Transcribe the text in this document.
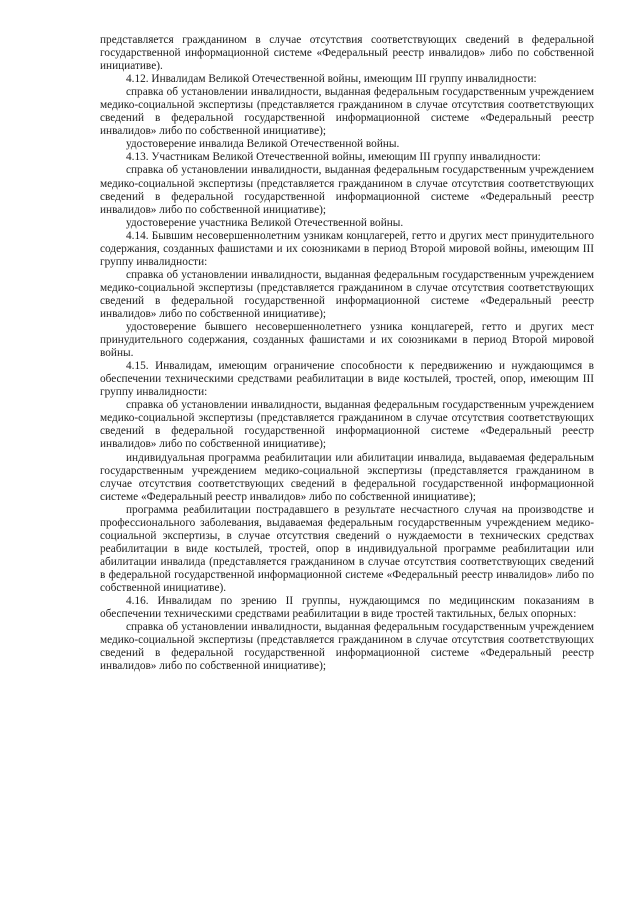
представляется гражданином в случае отсутствия соответствующих сведений в федеральной государственной информационной системе «Федеральный реестр инвалидов» либо по собственной инициативе).

4.12. Инвалидам Великой Отечественной войны, имеющим III группу инвалидности:

справка об установлении инвалидности, выданная федеральным государственным учреждением медико-социальной экспертизы (представляется гражданином в случае отсутствия соответствующих сведений в федеральной государственной информационной системе «Федеральный реестр инвалидов» либо по собственной инициативе);

удостоверение инвалида Великой Отечественной войны.

4.13. Участникам Великой Отечественной войны, имеющим III группу инвалидности:

справка об установлении инвалидности, выданная федеральным государственным учреждением медико-социальной экспертизы (представляется гражданином в случае отсутствия соответствующих сведений в федеральной государственной информационной системе «Федеральный реестр инвалидов» либо по собственной инициативе);

удостоверение участника Великой Отечественной войны.

4.14. Бывшим несовершеннолетним узникам концлагерей, гетто и других мест принудительного содержания, созданных фашистами и их союзниками в период Второй мировой войны, имеющим III группу инвалидности:

справка об установлении инвалидности, выданная федеральным государственным учреждением медико-социальной экспертизы (представляется гражданином в случае отсутствия соответствующих сведений в федеральной государственной информационной системе «Федеральный реестр инвалидов» либо по собственной инициативе);

удостоверение бывшего несовершеннолетнего узника концлагерей, гетто и других мест принудительного содержания, созданных фашистами и их союзниками в период Второй мировой войны.

4.15. Инвалидам, имеющим ограничение способности к передвижению и нуждающимся в обеспечении техническими средствами реабилитации в виде костылей, тростей, опор, имеющим III группу инвалидности:

справка об установлении инвалидности, выданная федеральным государственным учреждением медико-социальной экспертизы (представляется гражданином в случае отсутствия соответствующих сведений в федеральной государственной информационной системе «Федеральный реестр инвалидов» либо по собственной инициативе);

индивидуальная программа реабилитации или абилитации инвалида, выдаваемая федеральным государственным учреждением медико-социальной экспертизы (представляется гражданином в случае отсутствия соответствующих сведений в федеральной государственной информационной системе «Федеральный реестр инвалидов» либо по собственной инициативе);

программа реабилитации пострадавшего в результате несчастного случая на производстве и профессионального заболевания, выдаваемая федеральным государственным учреждением медико-социальной экспертизы, в случае отсутствия сведений о нуждаемости в технических средствах реабилитации в виде костылей, тростей, опор в индивидуальной программе реабилитации или абилитации инвалида (представляется гражданином в случае отсутствия соответствующих сведений в федеральной государственной информационной системе «Федеральный реестр инвалидов» либо по собственной инициативе).

4.16. Инвалидам по зрению II группы, нуждающимся по медицинским показаниям в обеспечении техническими средствами реабилитации в виде тростей тактильных, белых опорных:

справка об установлении инвалидности, выданная федеральным государственным учреждением медико-социальной экспертизы (представляется гражданином в случае отсутствия соответствующих сведений в федеральной государственной информационной системе «Федеральный реестр инвалидов» либо по собственной инициативе);
